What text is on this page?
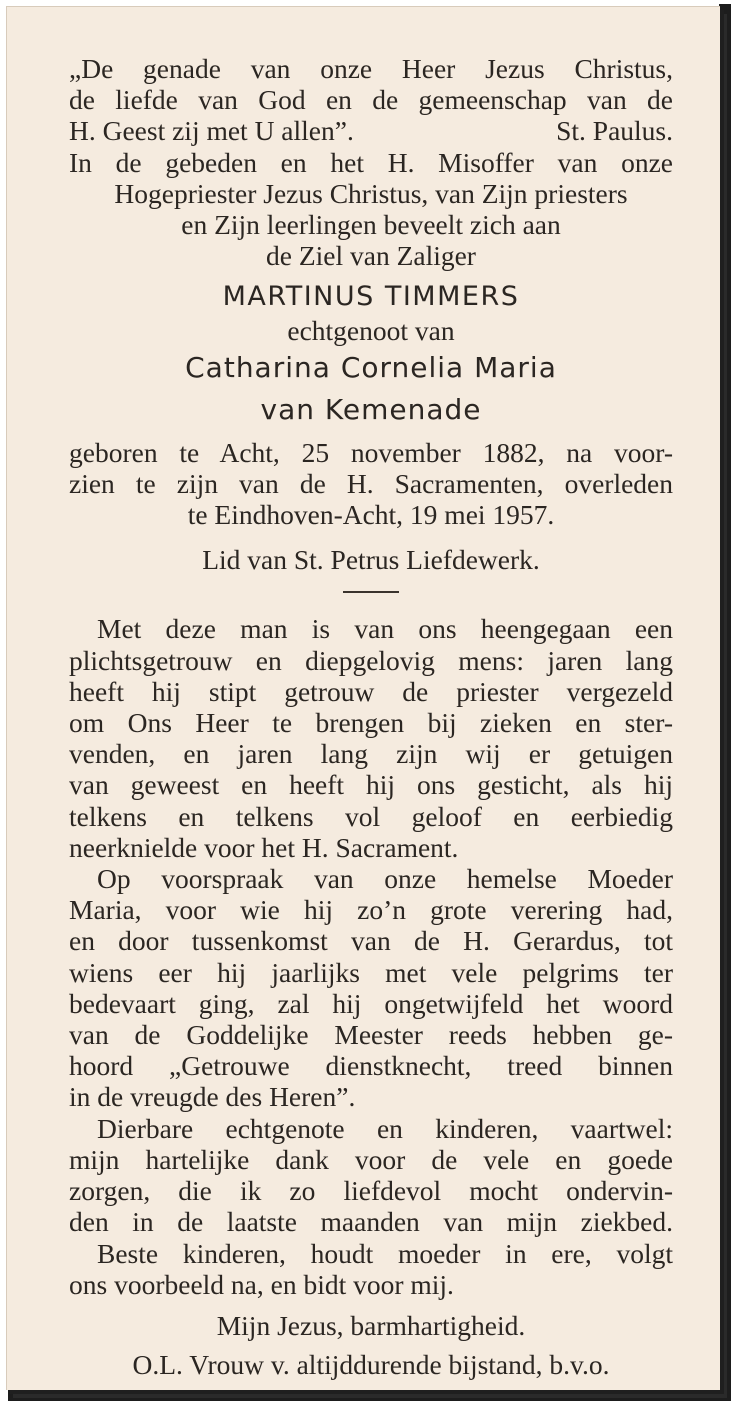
„De genade van onze Heer Jezus Christus,
de liefde van God en de gemeenschap van de
H. Geest zij met U allen”.	St. Paulus.
In de gebeden en het H. Misoffer van onze
Hogepriester Jezus Christus, van Zijn priesters
en Zijn leerlingen beveelt zich aan
de Ziel van Zaliger
MARTINUS TIMMERS
echtgenoot van
Catharina Cornelia Maria
van Kemenade
geboren te Acht, 25 november 1882, na voor-
zien te zijn van de H. Sacramenten, overleden
te Eindhoven-Acht, 19 mei 1957.
Lid van St. Petrus Liefdewerk.
Met deze man is van ons heengegaan een
plichtsgetrouw en diepgelovig mens: jaren lang
heeft hij stipt getrouw de priester vergezeld
om Ons Heer te brengen bij zieken en ster-
venden, en jaren lang zijn wij er getuigen
van geweest en heeft hij ons gesticht, als hij
telkens en telkens vol geloof en eerbiedig
neerknielde voor het H. Sacrament.
Op voorspraak van onze hemelse Moeder
Maria, voor wie hij zo’n grote verering had,
en door tussenkomst van de H. Gerardus, tot
wiens eer hij jaarlijks met vele pelgrims ter
bedevaart ging, zal hij ongetwijfeld het woord
van de Goddelijke Meester reeds hebben ge-
hoord „Getrouwe dienstknecht, treed binnen
in de vreugde des Heren”.
Dierbare echtgenote en kinderen, vaartwel:
mijn hartelijke dank voor de vele en goede
zorgen, die ik zo liefdevol mocht ondervin-
den in de laatste maanden van mijn ziekbed.
Beste kinderen, houdt moeder in ere, volgt
ons voorbeeld na, en bidt voor mij.
Mijn Jezus, barmhartigheid.
O.L. Vrouw v. altijddurende bijstand, b.v.o.
